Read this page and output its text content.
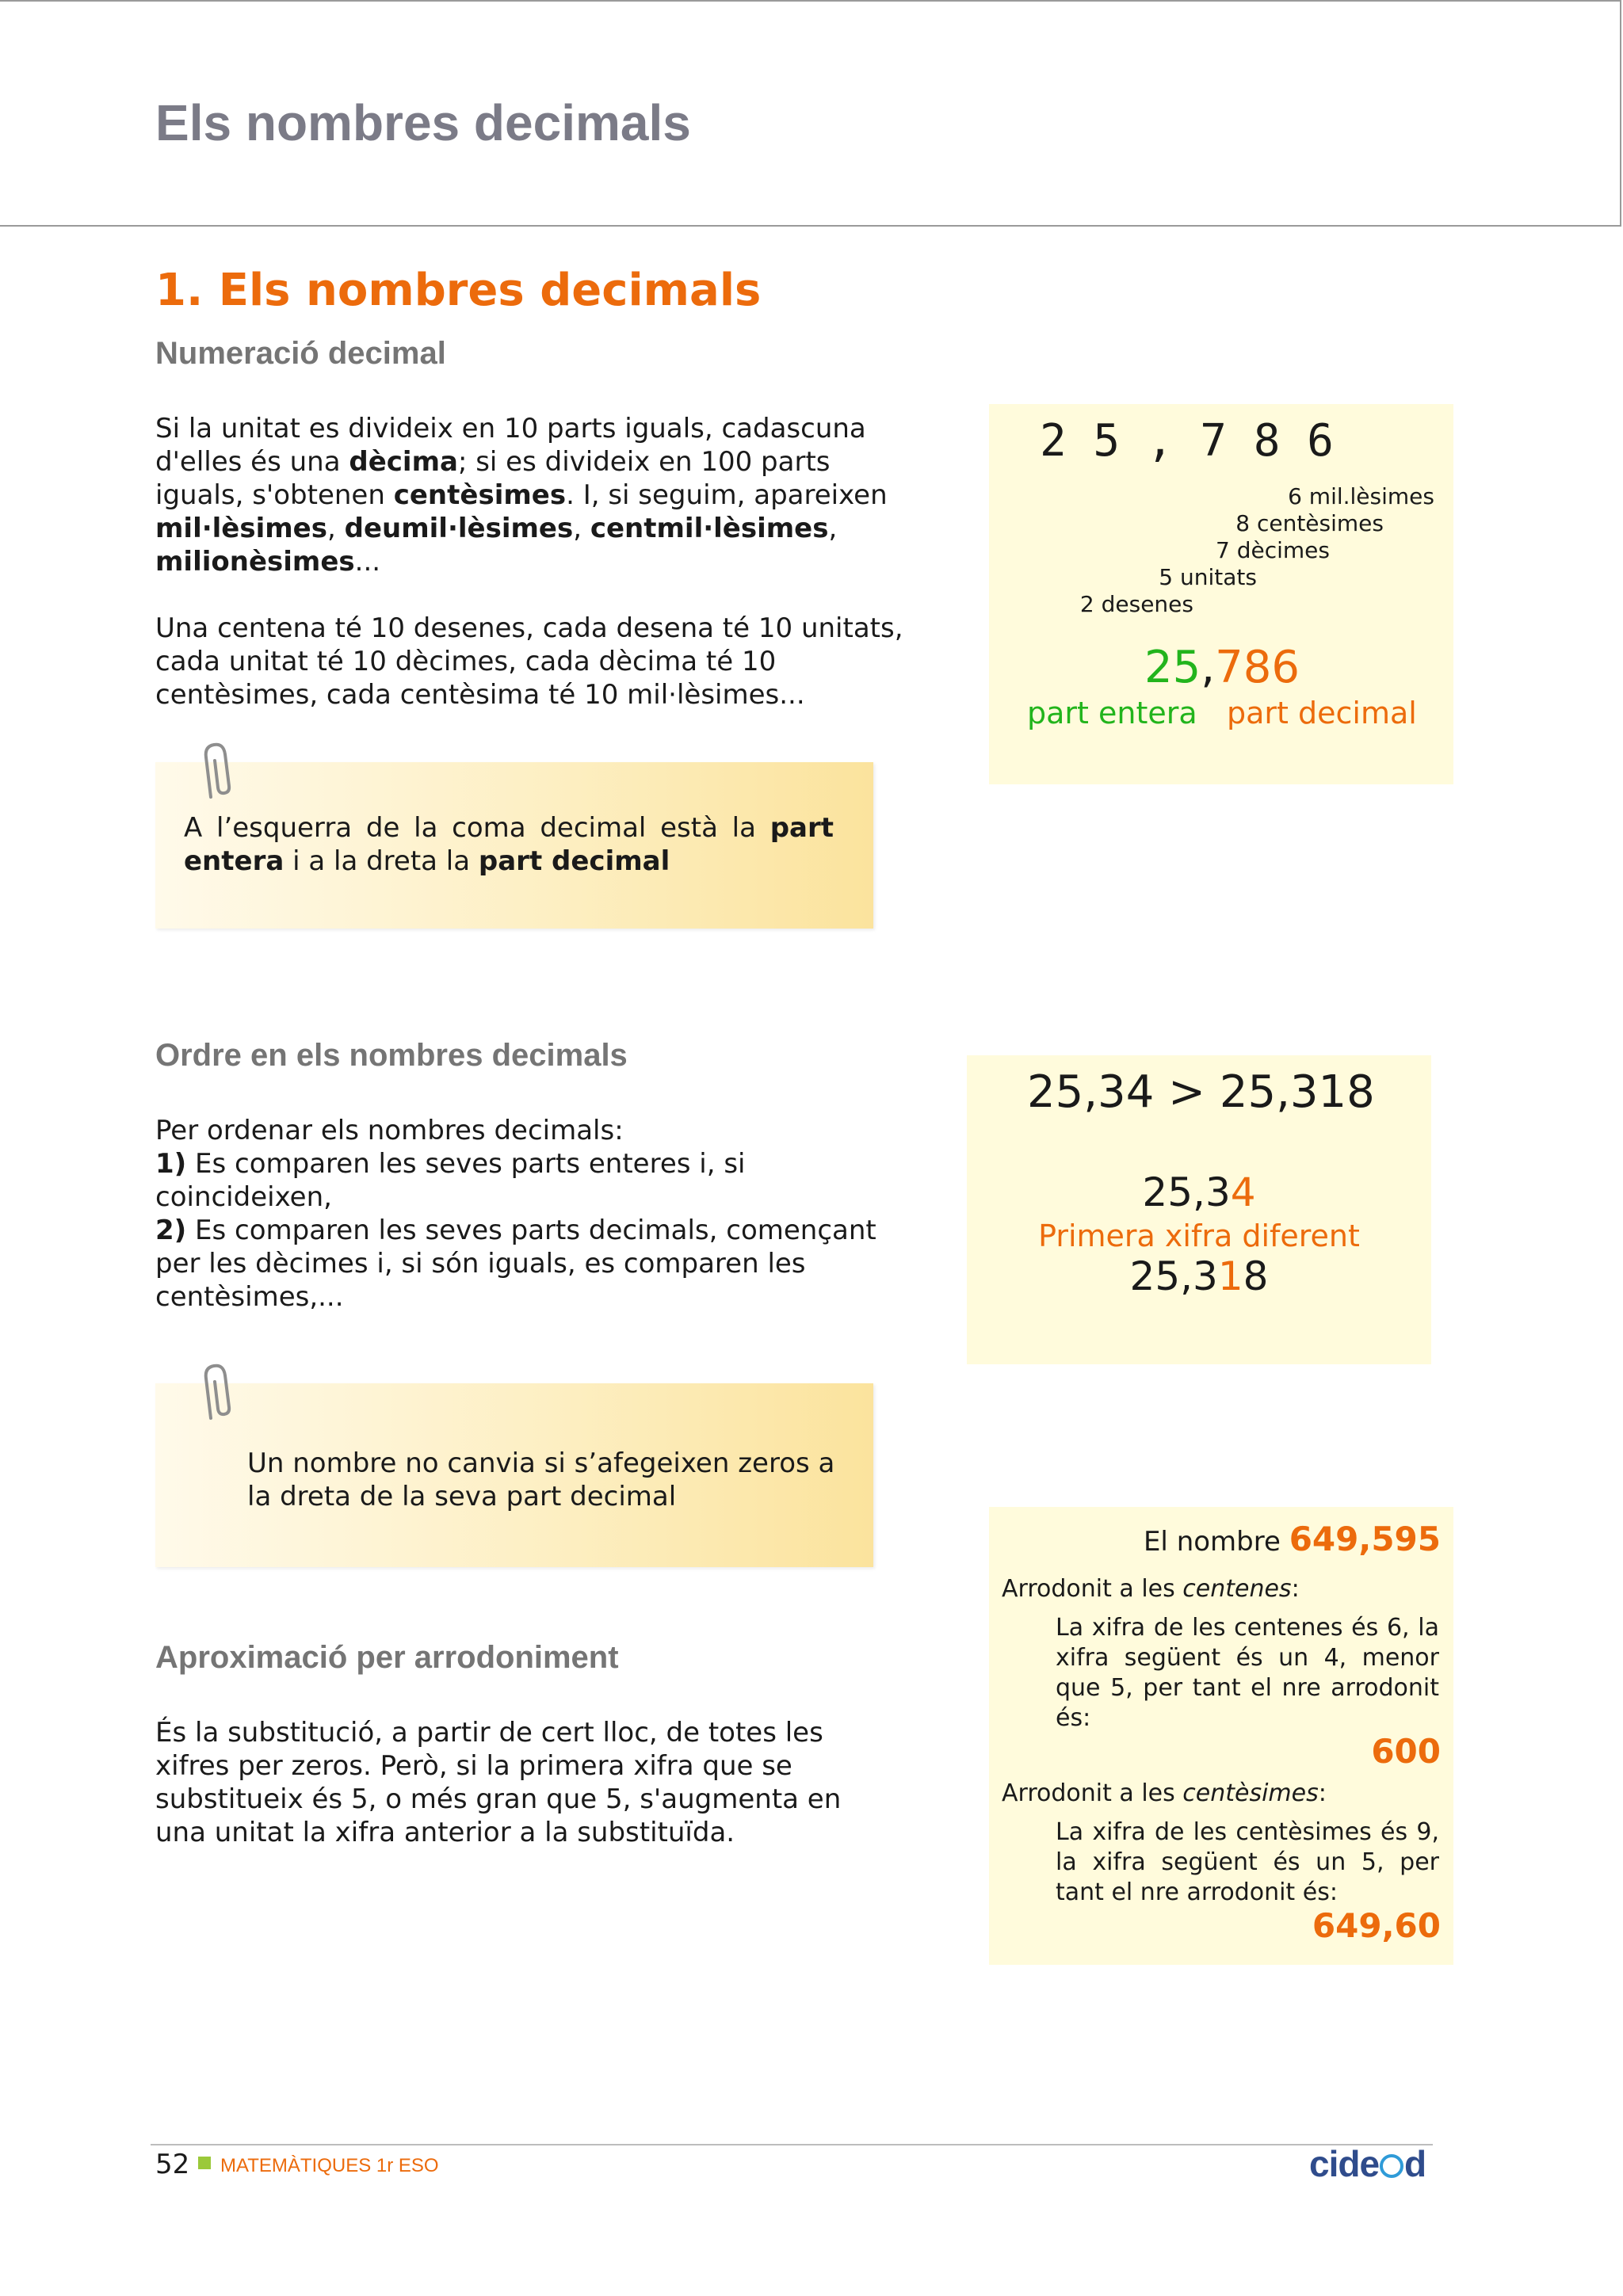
Els nombres decimals
1. Els nombres decimals
Numeració decimal

Si la unitat es divideix en 10 parts iguals, cadascuna d'elles és una dècima; si es divideix en 100 parts iguals, s'obtenen centèsimes. I, si seguim, apareixen mil·lèsimes, deumil·lèsimes, centmil·lèsimes, milionèsimes...

Una centena té 10 desenes, cada desena té 10 unitats, cada unitat té 10 dècimes, cada dècima té 10 centèsimes, cada centèsima té 10 mil·lèsimes...

A l’esquerra de la coma decimal està la part entera i a la dreta la part decimal
2 5 , 7 8 6
6 mil.lèsimes
8 centèsimes
7 dècimes
5 unitats
2 desenes
25,786
part entera part decimal
Ordre en els nombres decimals

Per ordenar els nombres decimals:

1) Es comparen les seves parts enteres i, si coincideixen,

2) Es comparen les seves parts decimals, començant per les dècimes i, si són iguals, es comparen les centèsimes,...

Un nombre no canvia si s’afegeixen zeros a la dreta de la seva part decimal
25,34 > 25,318
25,34
Primera xifra diferent
25,318
El nombre 649,595
Arrodonit a les centenes:
La xifra de les centenes és 6, la xifra següent és un 4, menor que 5, per tant el nre arrodonit és:
600
Arrodonit a les centèsimes:
La xifra de les centèsimes és 9, la xifra següent és un 5, per tant el nre arrodonit és:
649,60
Aproximació per arrodoniment

És la substitució, a partir de cert lloc, de totes les xifres per zeros. Però, si la primera xifra que se substitueix és 5, o més gran que 5, s'augmenta en una unitat la xifra anterior a la substituïda.

52 MATEMÀTIQUES 1r ESO	cide d
